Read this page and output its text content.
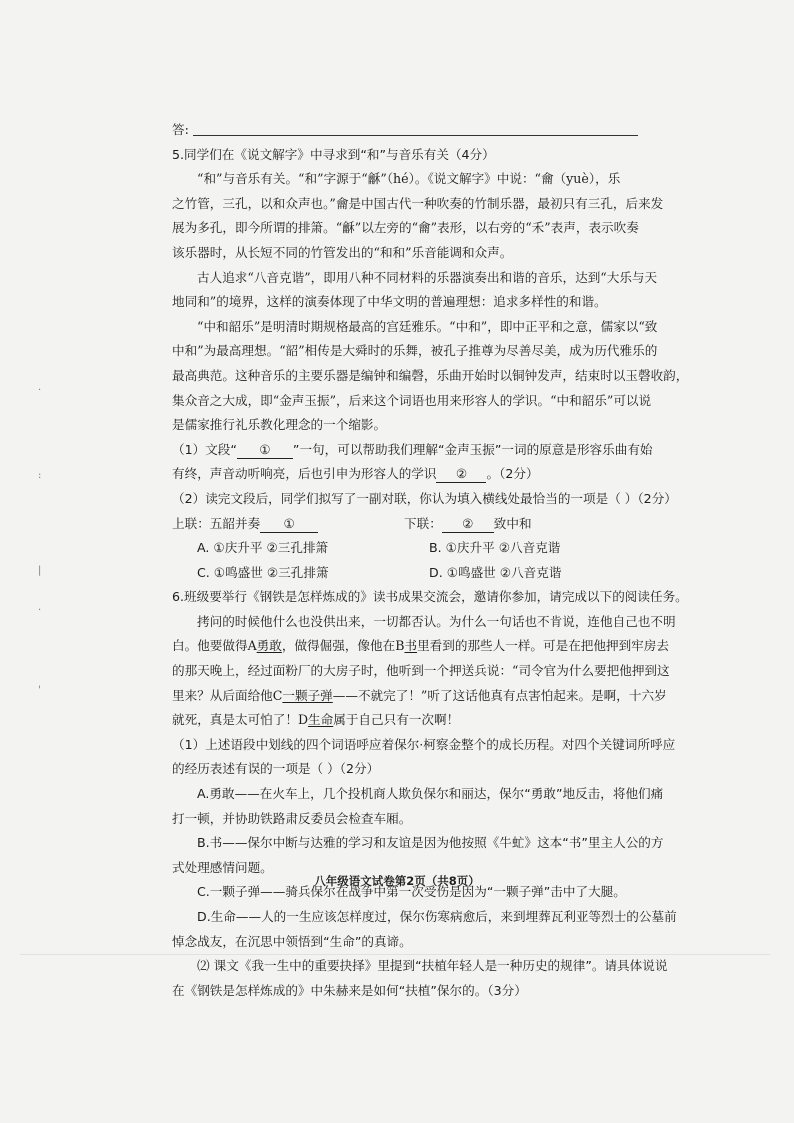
·
:
|
·
'

答:

5.同学们在《说文解字》中寻求到“和”与音乐有关（4分）

“和”与音乐有关。“和”字源于“龢”（hé）。《说文解字》中说：“龠（yuè），乐

之竹管，三孔，以和众声也。”龠是中国古代一种吹奏的竹制乐器，最初只有三孔，后来发

展为多孔，即今所谓的排箫。“龢”以左旁的“龠”表形，以右旁的“禾”表声，表示吹奏

该乐器时，从长短不同的竹管发出的“和和”乐音能调和众声。

古人追求“八音克谐”，即用八种不同材料的乐器演奏出和谐的音乐，达到“大乐与天

地同和”的境界，这样的演奏体现了中华文明的普遍理想：追求多样性的和谐。

“中和韶乐”是明清时期规格最高的宫廷雅乐。“中和”，即中正平和之意，儒家以“致

中和”为最高理想。“韶”相传是大舜时的乐舞，被孔子推尊为尽善尽美，成为历代雅乐的

最高典范。这种音乐的主要乐器是编钟和编磬，乐曲开始时以铜钟发声，结束时以玉磬收韵，

集众音之大成，即“金声玉振”，后来这个词语也用来形容人的学识。“中和韶乐”可以说

是儒家推行礼乐教化理念的一个缩影。

（1）文段“ ① ”一句，可以帮助我们理解“金声玉振”一词的原意是形容乐曲有始

有终，声音动听响亮，后也引申为形容人的学识 ② 。（2分）

（2）读完文段后，同学们拟写了一副对联，你认为填入横线处最恰当的一项是（ ）（2分）

上联：五韶并奏 ①	下联： ② 致中和
A. ①庆升平 ②三孔排箫	B. ①庆升平 ②八音克谐
C. ①鸣盛世 ②三孔排箫	D. ①鸣盛世 ②八音克谐

6.班级要举行《钢铁是怎样炼成的》读书成果交流会，邀请你参加，请完成以下的阅读任务。

拷问的时候他什么也没供出来，一切都否认。为什么一句话也不肯说，连他自己也不明

白。他要做得A勇敢，做得倔强，像他在B书里看到的那些人一样。可是在把他押到牢房去

的那天晚上，经过面粉厂的大房子时，他听到一个押送兵说：“司令官为什么要把他押到这

里来？从后面给他C一颗子弹——不就完了！”听了这话他真有点害怕起来。是啊，十六岁

就死，真是太可怕了！D生命属于自己只有一次啊！

（1）上述语段中划线的四个词语呼应着保尔·柯察金整个的成长历程。对四个关键词所呼应

的经历表述有误的一项是（ ）（2分）

A.勇敢——在火车上，几个投机商人欺负保尔和丽达，保尔“勇敢”地反击，将他们痛

打一顿，并协助铁路肃反委员会检查车厢。

B.书——保尔中断与达雅的学习和友谊是因为他按照《牛虻》这本“书”里主人公的方

式处理感情问题。

C.一颗子弹——骑兵保尔在战争中第一次受伤是因为“一颗子弹”击中了大腿。

D.生命——人的一生应该怎样度过，保尔伤寒病愈后，来到埋葬瓦利亚等烈士的公墓前

悼念战友，在沉思中领悟到“生命”的真谛。

⑵ 课文《我一生中的重要抉择》里提到“扶植年轻人是一种历史的规律”。请具体说说

在《钢铁是怎样炼成的》中朱赫来是如何“扶植”保尔的。（3分）

八年级语文试卷第2页（共8页）
